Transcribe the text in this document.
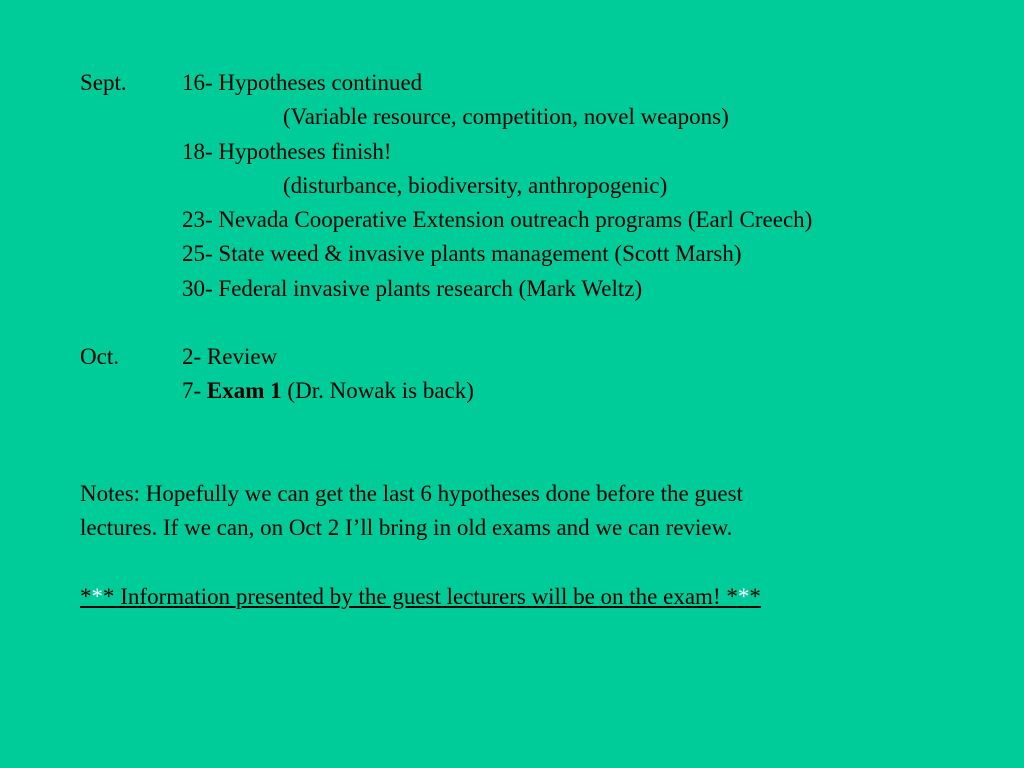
Sept. 16- Hypotheses continued
(Variable resource, competition, novel weapons)
18- Hypotheses finish!
(disturbance, biodiversity, anthropogenic)
23- Nevada Cooperative Extension outreach programs (Earl Creech)
25- State weed & invasive plants management (Scott Marsh)
30- Federal invasive plants research (Mark Weltz)
Oct.	2- Review
7- Exam 1 (Dr. Nowak is back)
Notes: Hopefully we can get the last 6 hypotheses done before the guest
lectures. If we can, on Oct 2 I’ll bring in old exams and we can review.
*** Information presented by the guest lecturers will be on the exam! ***
